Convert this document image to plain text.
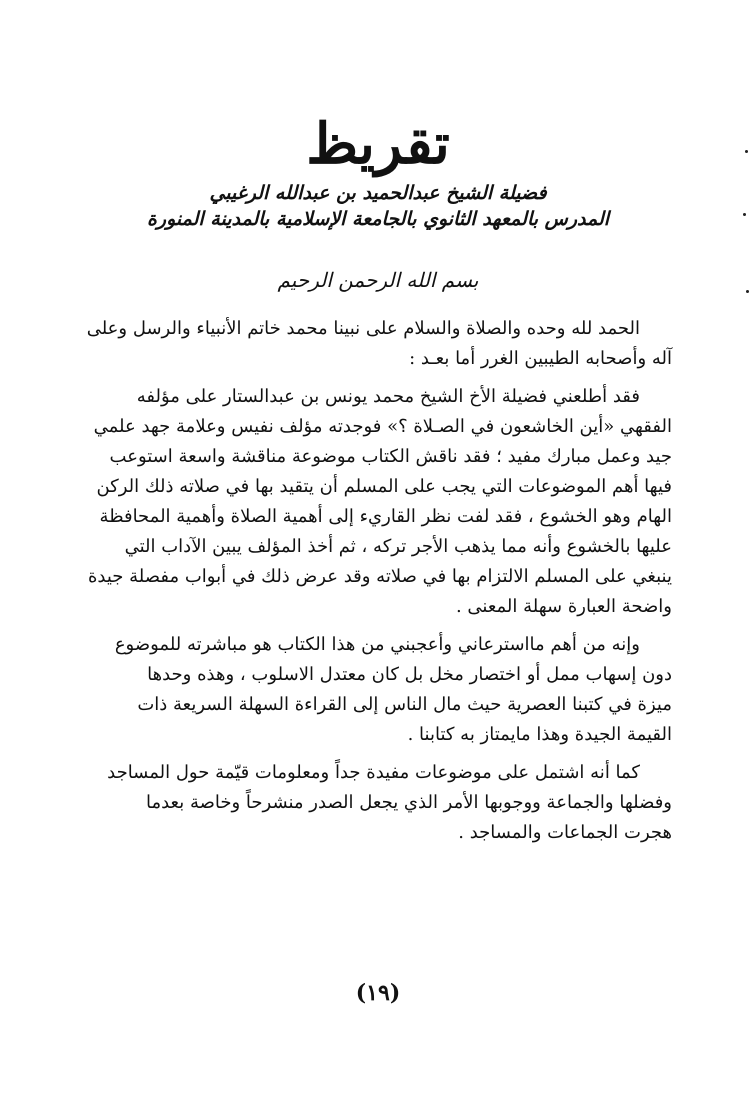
تقريظ
فضيلة الشيخ عبدالحميد بن عبدالله الرغيبي
المدرس بالمعهد الثانوي بالجامعة الإسلامية بالمدينة المنورة
بسم الله الرحمن الرحيم

الحمد لله وحده والصلاة والسلام على نبينا محمد خاتم الأنبياء والرسل وعلى
آله وأصحابه الطيبين الغرر أما بعـد :

فقد أطلعني فضيلة الأخ الشيخ محمد يونس بن عبدالستار على مؤلفه
الفقهي «أين الخاشعون في الصـلاة ؟» فوجدته مؤلف نفيس وعلامة جهد علمي
جيد وعمل مبارك مفيد ؛ فقد ناقش الكتاب موضوعة مناقشة واسعة استوعب
فيها أهم الموضوعات التي يجب على المسلم أن يتقيد بها في صلاته ذلك الركن
الهام وهو الخشوع ، فقد لفت نظر القاريء إلى أهمية الصلاة وأهمية المحافظة
عليها بالخشوع وأنه مما يذهب الأجر تركه ، ثم أخذ المؤلف يبين الآداب التي
ينبغي على المسلم الالتزام بها في صلاته وقد عرض ذلك في أبواب مفصلة جيدة
واضحة العبارة سهلة المعنى .

وإنه من أهم مااسترعاني وأعجبني من هذا الكتاب هو مباشرته للموضوع
دون إسهاب ممل أو اختصار مخل بل كان معتدل الاسلوب ، وهذه وحدها
ميزة في كتبنا العصرية حيث مال الناس إلى القراءة السهلة السريعة ذات
القيمة الجيدة وهذا مايمتاز به كتابنا .

كما أنه اشتمل على موضوعات مفيدة جداً ومعلومات قيّمة حول المساجد
وفضلها والجماعة ووجوبها الأمر الذي يجعل الصدر منشرحاً وخاصة بعدما
هجرت الجماعات والمساجد .

(١٩)
